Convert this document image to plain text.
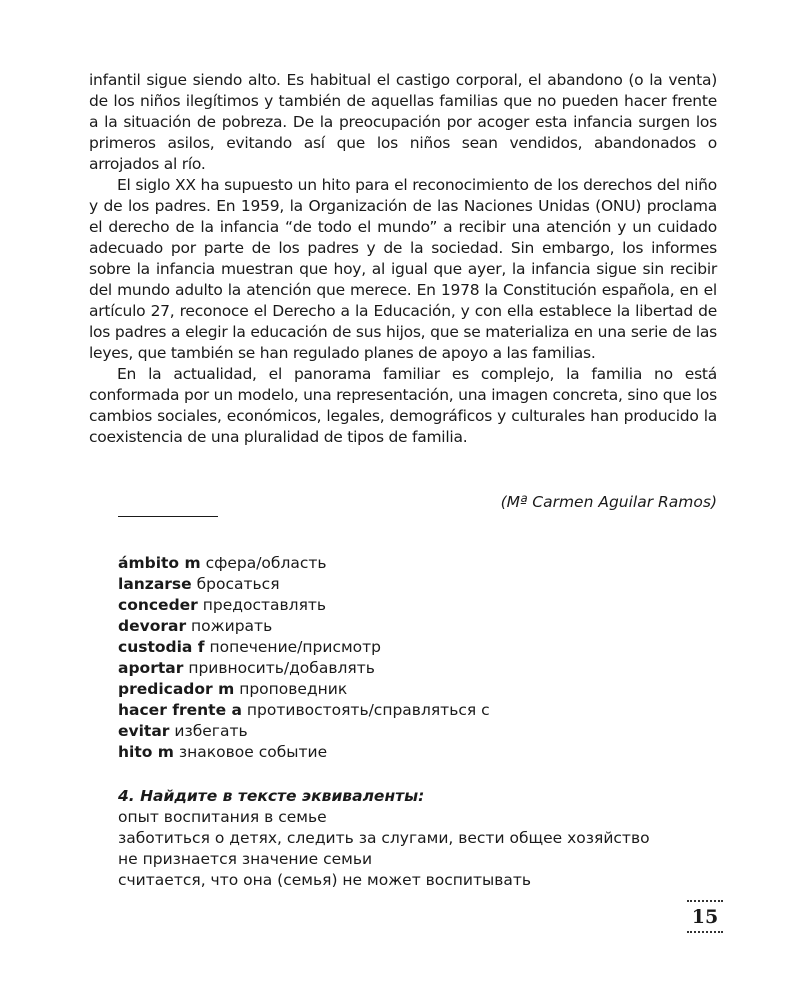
infantil sigue siendo alto. Es habitual el castigo corporal, el abandono (o la venta) de los niños ilegítimos y también de aquellas familias que no pueden hacer frente a la situación de pobreza. De la preocupación por acoger esta infancia surgen los primeros asilos, evitando así que los niños sean vendidos, abandonados o arrojados al río.

El siglo XX ha supuesto un hito para el reconocimiento de los derechos del niño y de los padres. En 1959, la Organización de las Naciones Unidas (ONU) proclama el derecho de la infancia “de todo el mundo” a recibir una atención y un cuidado adecuado por parte de los padres y de la sociedad. Sin embargo, los informes sobre la infancia muestran que hoy, al igual que ayer, la infancia sigue sin recibir del mundo adulto la atención que merece. En 1978 la Constitución española, en el artículo 27, reconoce el Derecho a la Educación, y con ella establece la libertad de los padres a elegir la educación de sus hijos, que se materializa en una serie de las leyes, que también se han regulado planes de apoyo a las familias.

En la actualidad, el panorama familiar es complejo, la familia no está conformada por un modelo, una representación, una imagen concreta, sino que los cambios sociales, económicos, legales, demográficos y culturales han producido la coexistencia de una pluralidad de tipos de familia.

(Mª Carmen Aguilar Ramos)
ámbito m сфера/область
lanzarse бросаться
conceder предоставлять
devorar пожирать
custodia f попечение/присмотр
aportar привносить/добавлять
predicador m проповедник
hacer frente a противостоять/справляться с
evitar избегать
hito m знаковое событие
4. Найдите в тексте эквиваленты:
опыт воспитания в семье
заботиться о детях, следить за слугами, вести общее хозяйство
не признается значение семьи
считается, что она (семья) не может воспитывать
15
